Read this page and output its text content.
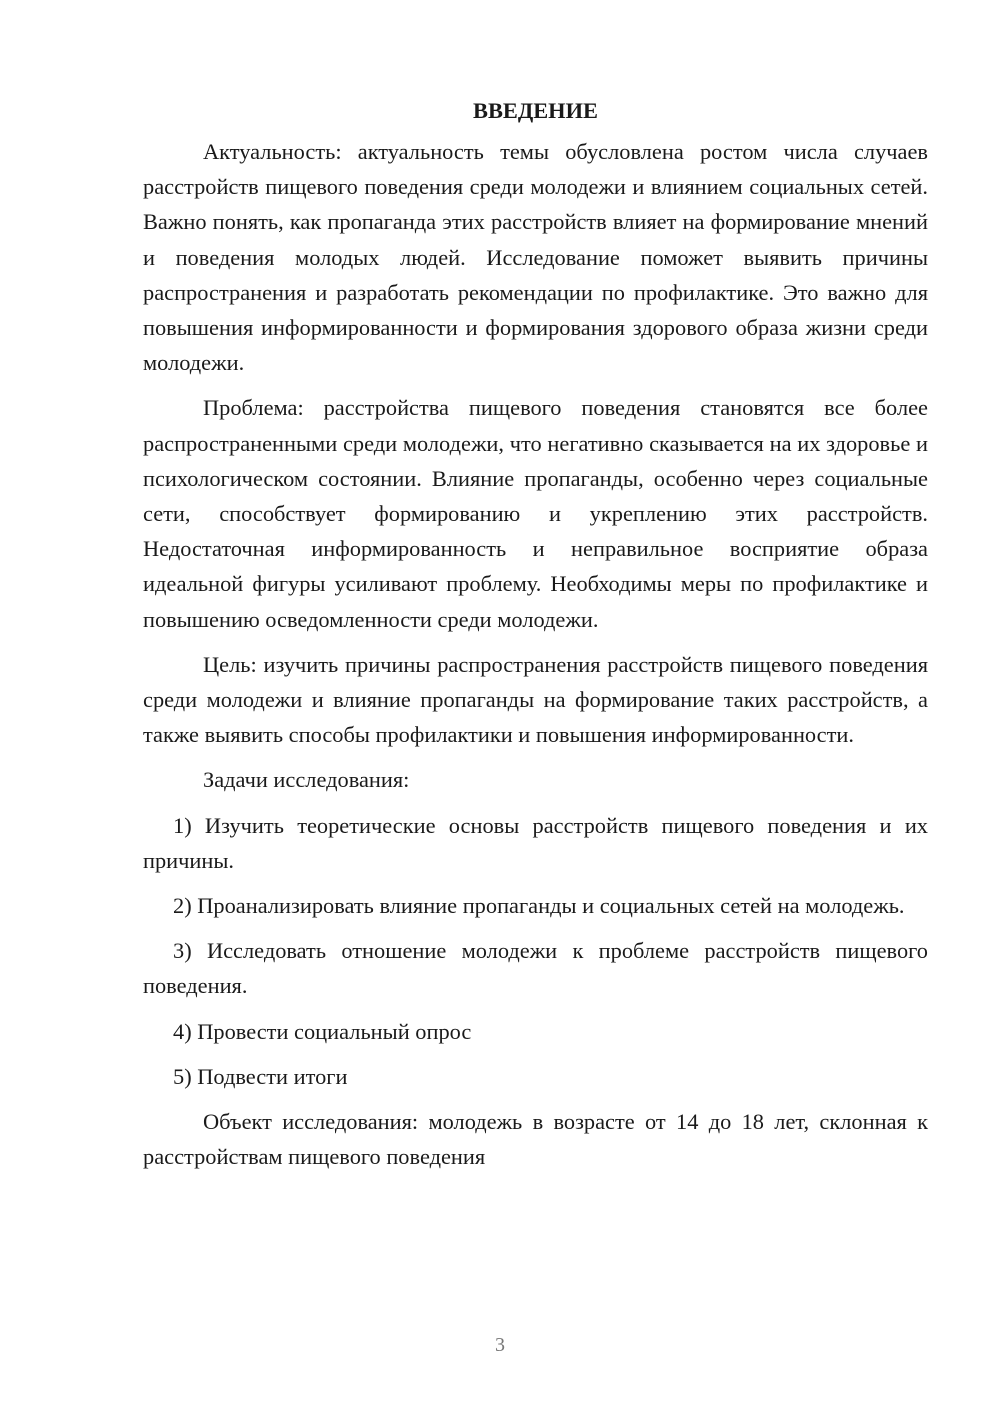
ВВЕДЕНИЕ
Актуальность: актуальность темы обусловлена ростом числа случаев расстройств пищевого поведения среди молодежи и влиянием социальных сетей. Важно понять, как пропаганда этих расстройств влияет на формирование мнений и поведения молодых людей. Исследование поможет выявить причины распространения и разработать рекомендации по профилактике. Это важно для повышения информированности и формирования здорового образа жизни среди молодежи.
Проблема: расстройства пищевого поведения становятся все более распространенными среди молодежи, что негативно сказывается на их здоровье и психологическом состоянии. Влияние пропаганды, особенно через социальные сети, способствует формированию и укреплению этих расстройств. Недостаточная информированность и неправильное восприятие образа идеальной фигуры усиливают проблему. Необходимы меры по профилактике и повышению осведомленности среди молодежи.
Цель: изучить причины распространения расстройств пищевого поведения среди молодежи и влияние пропаганды на формирование таких расстройств, а также выявить способы профилактики и повышения информированности.
Задачи исследования:
1) Изучить теоретические основы расстройств пищевого поведения и их причины.
2) Проанализировать влияние пропаганды и социальных сетей на молодежь.
3) Исследовать отношение молодежи к проблеме расстройств пищевого поведения.
4) Провести социальный опрос
5) Подвести итоги
Объект исследования: молодежь в возрасте от 14 до 18 лет, склонная к расстройствам пищевого поведения
3
